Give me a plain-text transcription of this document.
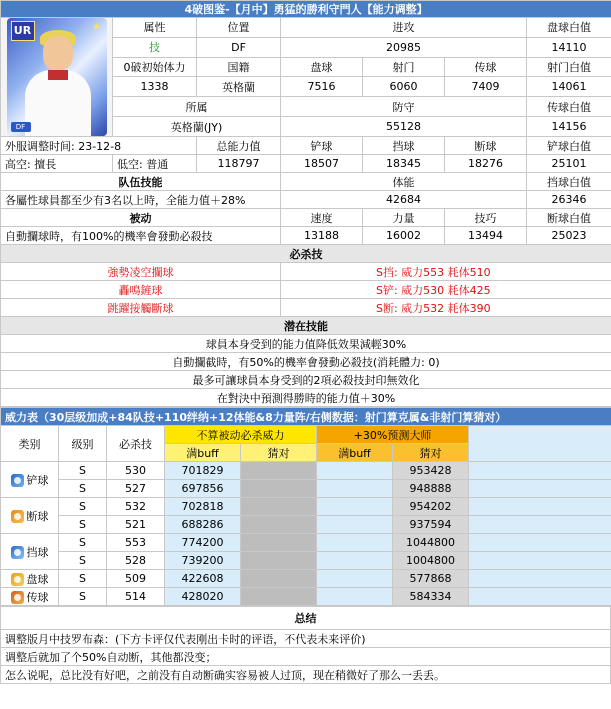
4破图鉴-【月中】勇猛的勝利守門人【能力调整】						

UR ★
DF	属性	位置	进攻			盘球白值
	技	DF	20985			14110
	0破初始体力	国籍	盘球	射门	传球	射门白值
	1338	英格蘭	7516	6060	7409	14061
	所属		防守			传球白值
	英格蘭(JY)		55128			14156
外服调整时间: 23-12-8		总能力值	铲球	挡球	断球	铲球白值
高空: 擅長	低空: 普通	118797	18507	18345	18276	25101
队伍技能			体能			挡球白值
各屬性球員都至少有3名以上時，全能力值＋28%			42684			26346
被动			速度	力量	技巧	断球白值
自動攔球時，有100%的機率會發動必殺技			13188	16002	13494	25023
必杀技						
強勢凌空攔球			S挡: 威力553 耗体510			
轟鳴鏟球			S铲: 威力530 耗体425			
跳躍接觸斷球			S断: 威力532 耗体390			
潜在技能						
球員本身受到的能力值降低效果減輕30%						
自動攔截時，有50%的機率會發動必殺技(消耗體力: 0)						
最多可讓球員本身受到的2項必殺技封印無效化						
在對決中預測得勝時的能力值＋30%						
威力表（30层级加成+84队技+110绊纳+12体能&8力量阵/右侧数据：射门算克属&非射门算猜对）							
类别	级别	必杀技	不算被动必杀威力		+30%预测大师		
			满buff	猜对	满buff	猜对	
铲球	S	530	701829			953428	
	S	527	697856			948888	
断球	S	532	702818			954202	
	S	521	688286			937594	
挡球	S	553	774200			1044800	
	S	528	739200			1004800	
盘球	S	509	422608			577868	
传球	S	514	428020			584334	
总结
调整版月中技罗布森：(下方卡评仅代表刚出卡时的评语，不代表未来评价)
调整后就加了个50%自动断，其他都没变；
怎么说呢，总比没有好吧，之前没有自动断确实容易被人过顶，现在稍微好了那么一丢丢。
